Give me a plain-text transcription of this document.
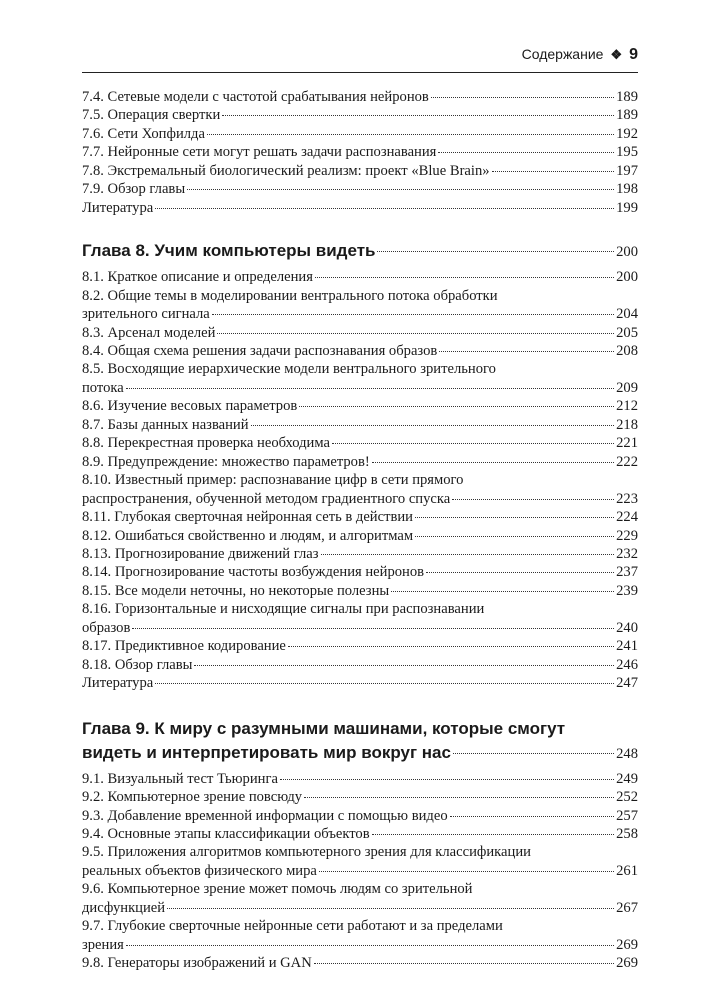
Содержание ❖ 9
7.4. Сетевые модели с частотой срабатывания нейронов	189
7.5. Операция свертки	189
7.6. Сети Хопфилда	192
7.7. Нейронные сети могут решать задачи распознавания	195
7.8. Экстремальный биологический реализм: проект «Blue Brain»	197
7.9. Обзор главы	198
Литература	199
Глава 8. Учим компьютеры видеть	200
8.1. Краткое описание и определения	200
8.2. Общие темы в моделировании вентрального потока обработки
зрительного сигнала	204
8.3. Арсенал моделей	205
8.4. Общая схема решения задачи распознавания образов	208
8.5. Восходящие иерархические модели вентрального зрительного
потока	209
8.6. Изучение весовых параметров	212
8.7. Базы данных названий	218
8.8. Перекрестная проверка необходима	221
8.9. Предупреждение: множество параметров!	222
8.10. Известный пример: распознавание цифр в сети прямого
распространения, обученной методом градиентного спуска	223
8.11. Глубокая сверточная нейронная сеть в действии	224
8.12. Ошибаться свойственно и людям, и алгоритмам	229
8.13. Прогнозирование движений глаз	232
8.14. Прогнозирование частоты возбуждения нейронов	237
8.15. Все модели неточны, но некоторые полезны	239
8.16. Горизонтальные и нисходящие сигналы при распознавании
образов	240
8.17. Предиктивное кодирование	241
8.18. Обзор главы	246
Литература	247
Глава 9. К миру с разумными машинами, которые смогут
видеть и интерпретировать мир вокруг нас	248
9.1. Визуальный тест Тьюринга	249
9.2. Компьютерное зрение повсюду	252
9.3. Добавление временной информации с помощью видео	257
9.4. Основные этапы классификации объектов	258
9.5. Приложения алгоритмов компьютерного зрения для классификации
реальных объектов физического мира	261
9.6. Компьютерное зрение может помочь людям со зрительной
дисфункцией	267
9.7. Глубокие сверточные нейронные сети работают и за пределами
зрения	269
9.8. Генераторы изображений и GAN	269
